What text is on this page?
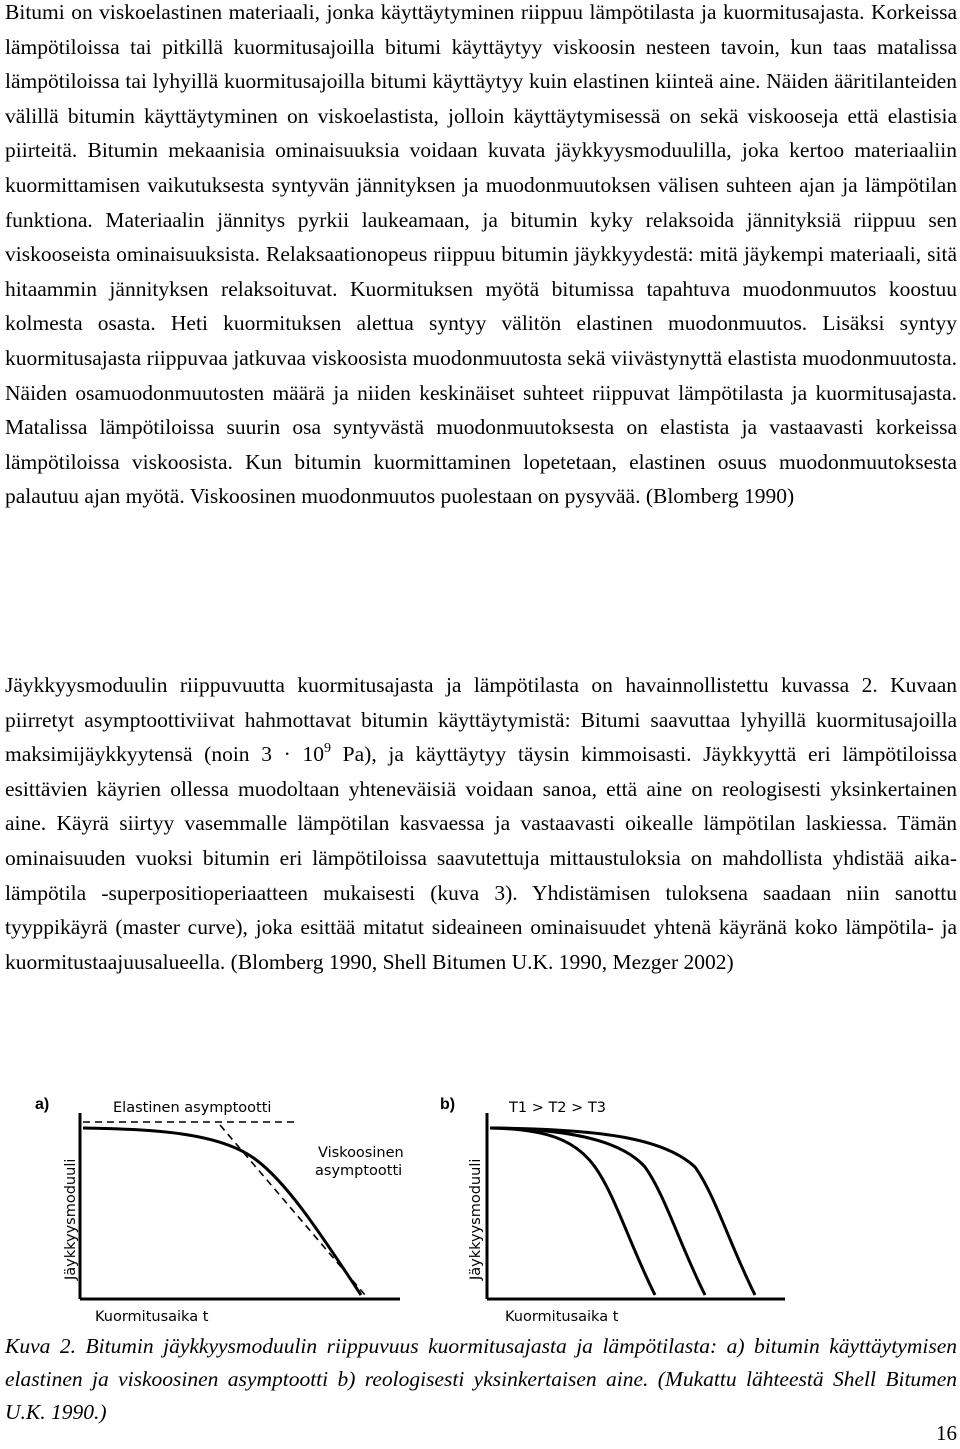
Bitumi on viskoelastinen materiaali, jonka käyttäytyminen riippuu lämpötilasta ja kuormitusajasta. Korkeissa lämpötiloissa tai pitkillä kuormitusajoilla bitumi käyttäytyy viskoosin nesteen tavoin, kun taas matalissa lämpötiloissa tai lyhyillä kuormitusajoilla bitumi käyttäytyy kuin elastinen kiinteä aine. Näiden ääritilanteiden välillä bitumin käyttäytyminen on viskoelastista, jolloin käyttäytymisessä on sekä viskooseja että elastisia piirteitä. Bitumin mekaanisia ominaisuuksia voidaan kuvata jäykkyysmoduulilla, joka kertoo materiaaliin kuormittamisen vaikutuksesta syntyvän jännityksen ja muodonmuutoksen välisen suhteen ajan ja lämpötilan funktiona. Materiaalin jännitys pyrkii laukeamaan, ja bitumin kyky relaksoida jännityksiä riippuu sen viskooseista ominaisuuksista. Relaksaationopeus riippuu bitumin jäykkyydestä: mitä jäykempi materiaali, sitä hitaammin jännityksen relaksoituvat. Kuormituksen myötä bitumissa tapahtuva muodonmuutos koostuu kolmesta osasta. Heti kuormituksen alettua syntyy välitön elastinen muodonmuutos. Lisäksi syntyy kuormitusajasta riippuvaa jatkuvaa viskoosista muodonmuutosta sekä viivästynyttä elastista muodonmuutosta. Näiden osamuodonmuutosten määrä ja niiden keskinäiset suhteet riippuvat lämpötilasta ja kuormitusajasta. Matalissa lämpötiloissa suurin osa syntyvästä muodonmuutoksesta on elastista ja vastaavasti korkeissa lämpötiloissa viskoosista. Kun bitumin kuormittaminen lopetetaan, elastinen osuus muodonmuutoksesta palautuu ajan myötä. Viskoosinen muodonmuutos puolestaan on pysyvää. (Blomberg 1990)

Jäykkyysmoduulin riippuvuutta kuormitusajasta ja lämpötilasta on havainnollistettu kuvassa 2. Kuvaan piirretyt asymptoottiviivat hahmottavat bitumin käyttäytymistä: Bitumi saavuttaa lyhyillä kuormitusajoilla maksimijäykkyytensä (noin $3 \cdot 10^9$ Pa), ja käyttäytyy täysin kimmoisasti. Jäykkyyttä eri lämpötiloissa esittävien käyrien ollessa muodoltaan yhteneväisiä voidaan sanoa, että aine on reologisesti yksinkertainen aine. Käyrä siirtyy vasemmalle lämpötilan kasvaessa ja vastaavasti oikealle lämpötilan laskiessa. Tämän ominaisuuden vuoksi bitumin eri lämpötiloissa saavutettuja mittaustuloksia on mahdollista yhdistää aika-lämpötila -superpositioperiaatteen mukaisesti (kuva 3). Yhdistämisen tuloksena saadaan niin sanottu tyyppikäyrä (master curve), joka esittää mitatut sideaineen ominaisuudet yhtenä käyränä koko lämpötila- ja kuormitustaajuusalueella. (Blomberg 1990, Shell Bitumen U.K. 1990, Mezger 2002)

a)	Elastinen asymptootti
Viskoosinen
asymptootti
Kuormitusaika t
Jäykkyysmoduuli
b)	T1 > T2 > T3
Kuormitusaika t
Jäykkyysmoduuli

Kuva 2. Bitumin jäykkyysmoduulin riippuvuus kuormitusajasta ja lämpötilasta: a) bitumin käyttäytymisen elastinen ja viskoosinen asymptootti b) reologisesti yksinkertaisen aine. (Mukattu lähteestä Shell Bitumen U.K. 1990.)

16
